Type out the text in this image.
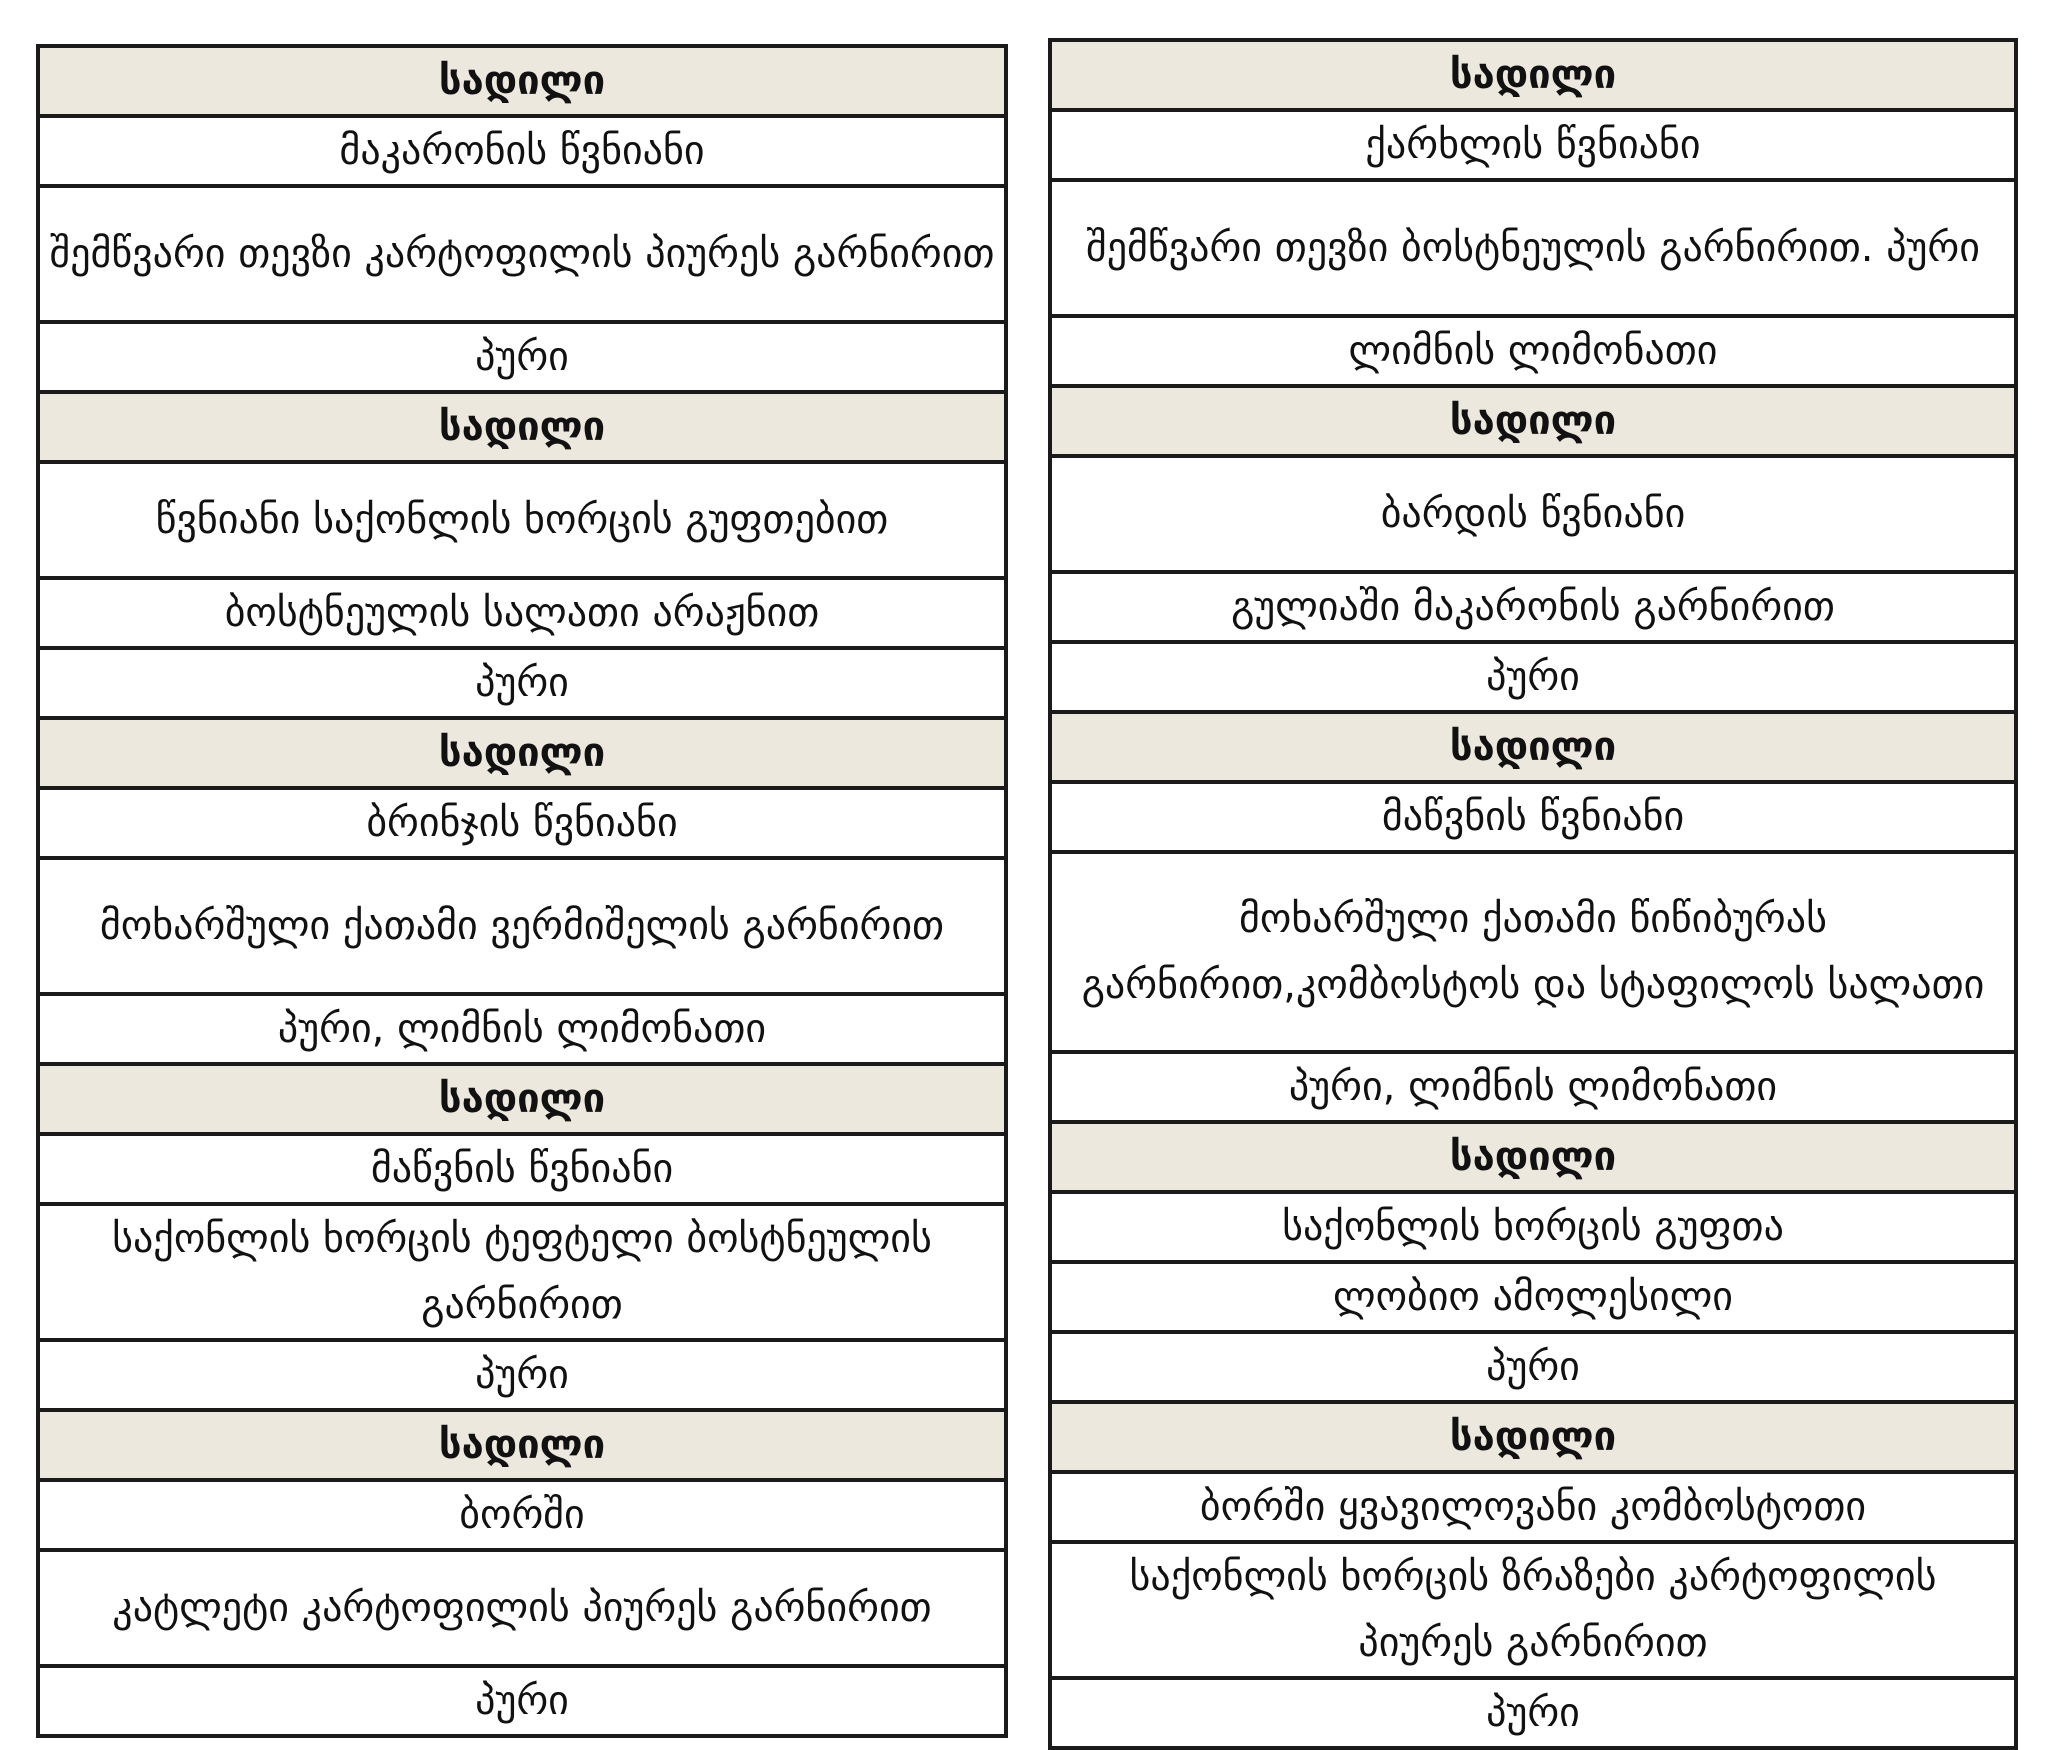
სადილი
მაკარონის წვნიანი
შემწვარი თევზი კარტოფილის პიურეს გარნირით
პური
სადილი
წვნიანი საქონლის ხორცის გუფთებით
ბოსტნეულის სალათი არაჟნით
პური
სადილი
ბრინჯის წვნიანი
მოხარშული ქათამი ვერმიშელის გარნირით
პური, ლიმნის ლიმონათი
სადილი
მაწვნის წვნიანი
საქონლის ხორცის ტეფტელი ბოსტნეულის გარნირით
პური
სადილი
ბორში
კატლეტი კარტოფილის პიურეს გარნირით
პური
სადილი
ქარხლის წვნიანი
შემწვარი თევზი ბოსტნეულის გარნირით. პური
ლიმნის ლიმონათი
სადილი
ბარდის წვნიანი
გულიაში მაკარონის გარნირით
პური
სადილი
მაწვნის წვნიანი
მოხარშული ქათამი წიწიბურას გარნირით,კომბოსტოს და სტაფილოს სალათი
პური, ლიმნის ლიმონათი
სადილი
საქონლის ხორცის გუფთა
ლობიო ამოლესილი
პური
სადილი
ბორში ყვავილოვანი კომბოსტოთი
საქონლის ხორცის ზრაზები კარტოფილის პიურეს გარნირით
პური
